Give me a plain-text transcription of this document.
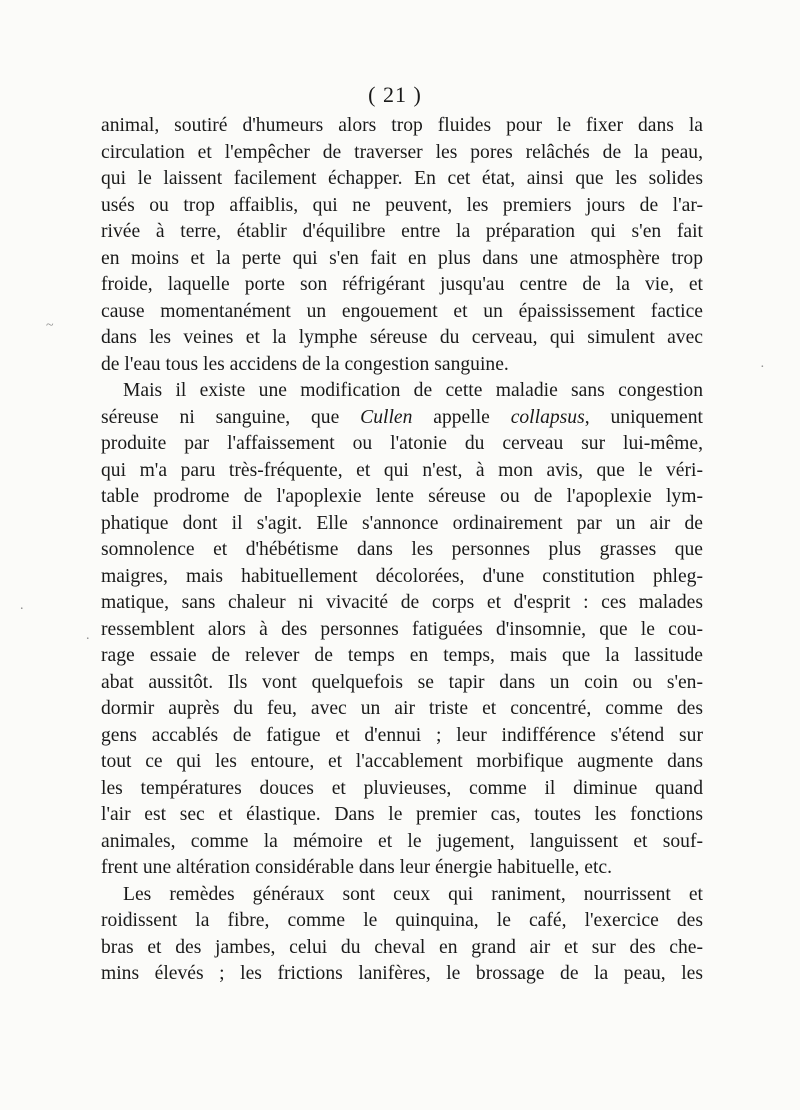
( 21 )
animal, soutiré d'humeurs alors trop fluides pour le fixer dans la
circulation et l'empêcher de traverser les pores relâchés de la peau,
qui le laissent facilement échapper. En cet état, ainsi que les solides
usés ou trop affaiblis, qui ne peuvent, les premiers jours de l'ar-
rivée à terre, établir d'équilibre entre la préparation qui s'en fait
en moins et la perte qui s'en fait en plus dans une atmosphère trop
froide, laquelle porte son réfrigérant jusqu'au centre de la vie, et
cause momentanément un engouement et un épaississement factice
dans les veines et la lymphe séreuse du cerveau, qui simulent avec
de l'eau tous les accidens de la congestion sanguine.
Mais il existe une modification de cette maladie sans congestion
séreuse ni sanguine, que Cullen appelle collapsus, uniquement
produite par l'affaissement ou l'atonie du cerveau sur lui-même,
qui m'a paru très-fréquente, et qui n'est, à mon avis, que le véri-
table prodrome de l'apoplexie lente séreuse ou de l'apoplexie lym-
phatique dont il s'agit. Elle s'annonce ordinairement par un air de
somnolence et d'hébétisme dans les personnes plus grasses que
maigres, mais habituellement décolorées, d'une constitution phleg-
matique, sans chaleur ni vivacité de corps et d'esprit : ces malades
ressemblent alors à des personnes fatiguées d'insomnie, que le cou-
rage essaie de relever de temps en temps, mais que la lassitude
abat aussitôt. Ils vont quelquefois se tapir dans un coin ou s'en-
dormir auprès du feu, avec un air triste et concentré, comme des
gens accablés de fatigue et d'ennui ; leur indifférence s'étend sur
tout ce qui les entoure, et l'accablement morbifique augmente dans
les températures douces et pluvieuses, comme il diminue quand
l'air est sec et élastique. Dans le premier cas, toutes les fonctions
animales, comme la mémoire et le jugement, languissent et souf-
frent une altération considérable dans leur énergie habituelle, etc.
Les remèdes généraux sont ceux qui raniment, nourrissent et
roidissent la fibre, comme le quinquina, le café, l'exercice des
bras et des jambes, celui du cheval en grand air et sur des che-
mins élevés ; les frictions lanifères, le brossage de la peau, les
~
.
.
·
